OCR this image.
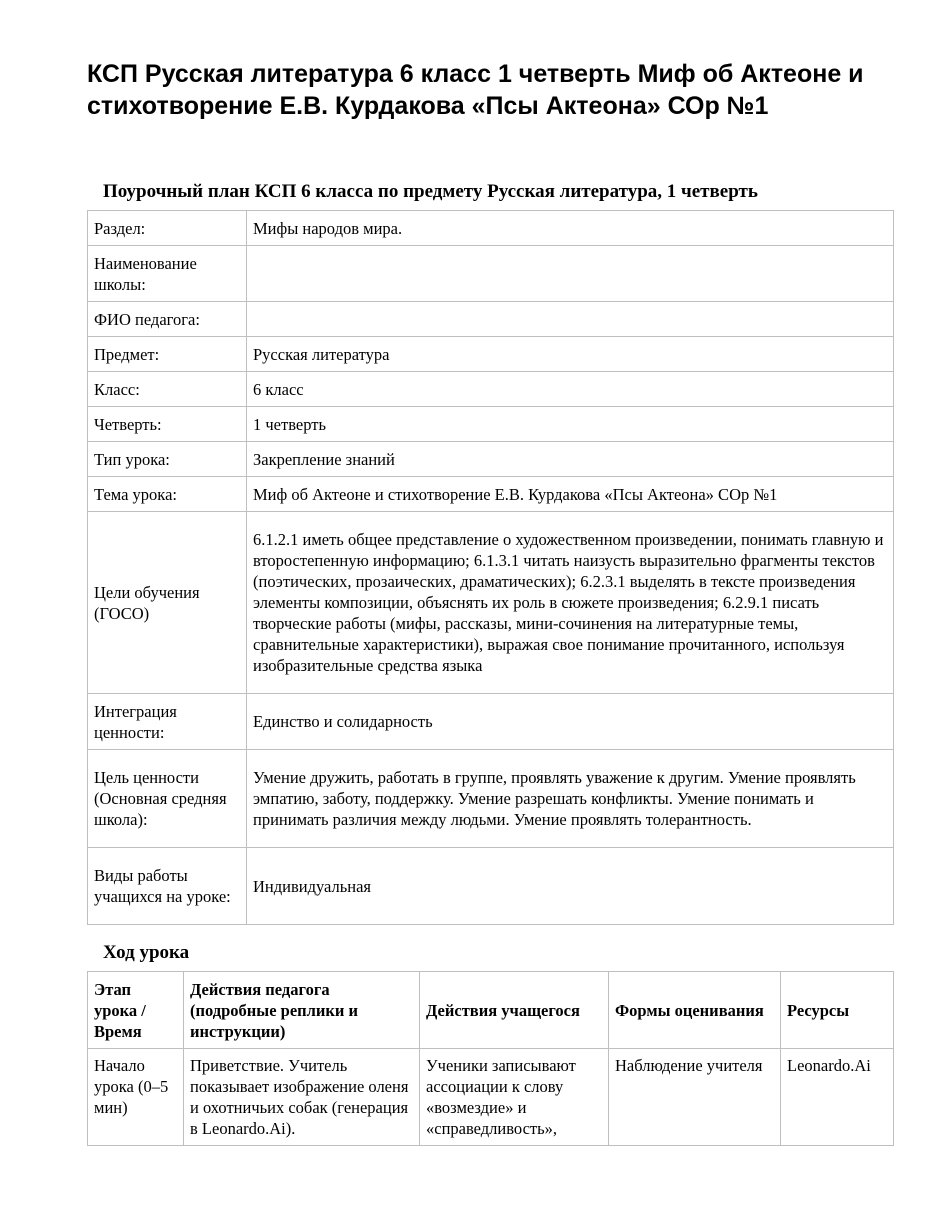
КСП Русская литература 6 класс 1 четверть Миф об Актеоне и стихотворение Е.В. Курдакова «Псы Актеона» СОр №1
Поурочный план КСП 6 класса по предмету Русская литература, 1 четверть
Раздел:	Мифы народов мира.
Наименование школы:	
ФИО педагога:	
Предмет:	Русская литература
Класс:	6 класс
Четверть:	1 четверть
Тип урока:	Закрепление знаний
Тема урока:	Миф об Актеоне и стихотворение Е.В. Курдакова «Псы Актеона» СОр №1
Цели обучения (ГОСО)	6.1.2.1 иметь общее представление о художественном произведении, понимать главную и второстепенную информацию; 6.1.3.1 читать наизусть выразительно фрагменты текстов (поэтических, прозаических, драматических); 6.2.3.1 выделять в тексте произведения элементы композиции, объяснять их роль в сюжете произведения; 6.2.9.1 писать творческие работы (мифы, рассказы, мини-сочинения на литературные темы, сравнительные характеристики), выражая свое понимание прочитанного, используя изобразительные средства языка
Интеграция ценности:	Единство и солидарность
Цель ценности (Основная средняя школа):	Умение дружить, работать в группе, проявлять уважение к другим. Умение проявлять эмпатию, заботу, поддержку. Умение разрешать конфликты. Умение понимать и принимать различия между людьми. Умение проявлять толерантность.
Виды работы учащихся на уроке:	Индивидуальная
Ход урока
Этап урока / Время	Действия педагога (подробные реплики и инструкции)	Действия учащегося	Формы оценивания	Ресурсы
Начало урока (0–5 мин)	Приветствие. Учитель показывает изображение оленя и охотничьих собак (генерация в Leonardo.Ai).	Ученики записывают ассоциации к слову «возмездие» и «справедливость»,	Наблюдение учителя	Leonardo.Ai
